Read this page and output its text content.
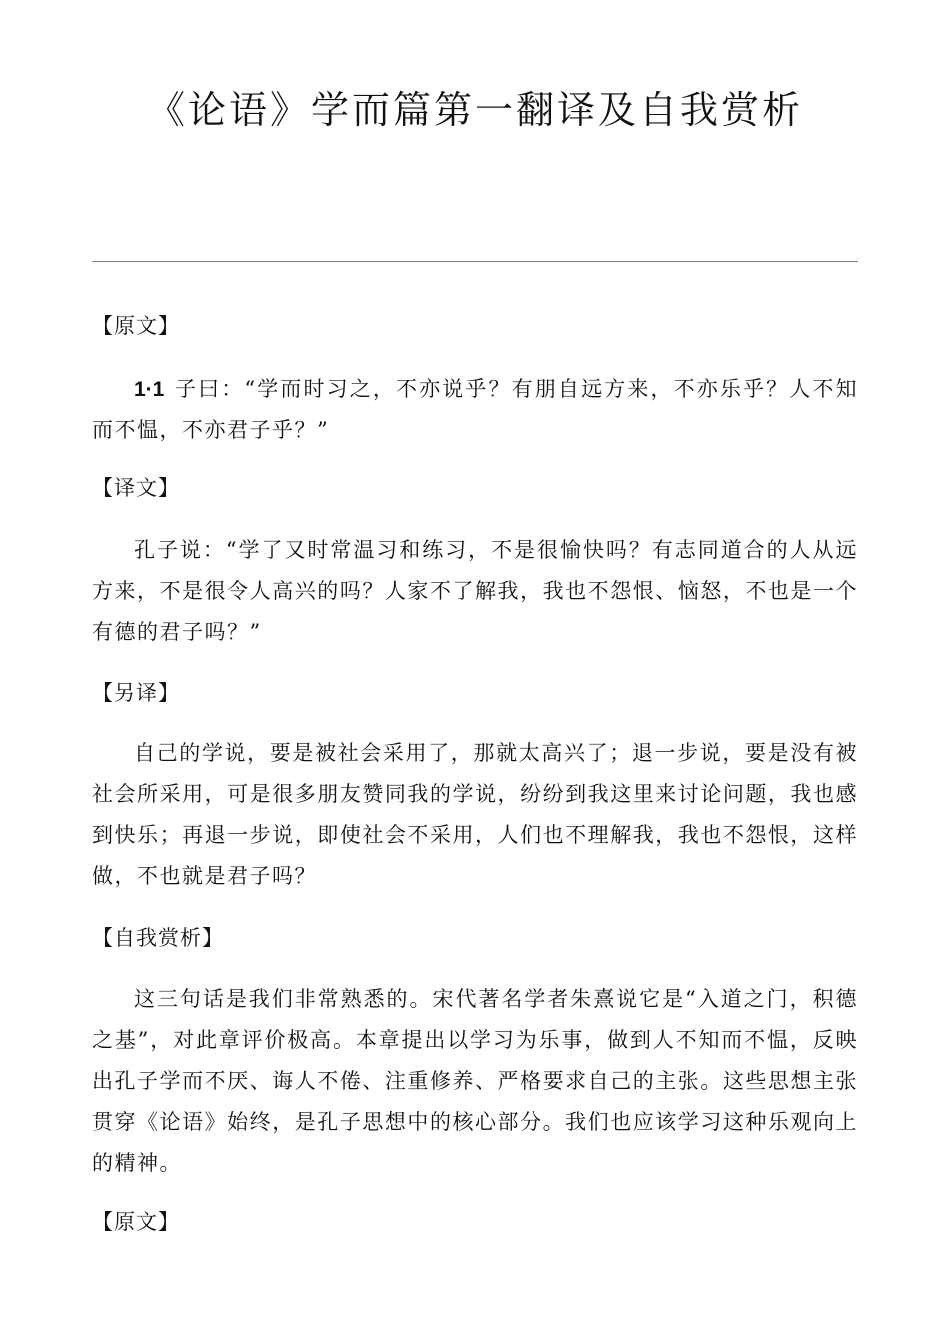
《论语》学而篇第一翻译及自我赏析
【原文】
1·1 子曰：“学而时习之，不亦说乎？有朋自远方来，不亦乐乎？人不知而不愠，不亦君子乎？”
【译文】
孔子说：“学了又时常温习和练习，不是很愉快吗？有志同道合的人从远方来，不是很令人高兴的吗？人家不了解我，我也不怨恨、恼怒，不也是一个有德的君子吗？”
【另译】
自己的学说，要是被社会采用了，那就太高兴了；退一步说，要是没有被社会所采用，可是很多朋友赞同我的学说，纷纷到我这里来讨论问题，我也感到快乐；再退一步说，即使社会不采用，人们也不理解我，我也不怨恨，这样做，不也就是君子吗？
【自我赏析】
这三句话是我们非常熟悉的。宋代著名学者朱熹说它是“入道之门，积德之基”，对此章评价极高。本章提出以学习为乐事，做到人不知而不愠，反映出孔子学而不厌、诲人不倦、注重修养、严格要求自己的主张。这些思想主张贯穿《论语》始终，是孔子思想中的核心部分。我们也应该学习这种乐观向上的精神。
【原文】
